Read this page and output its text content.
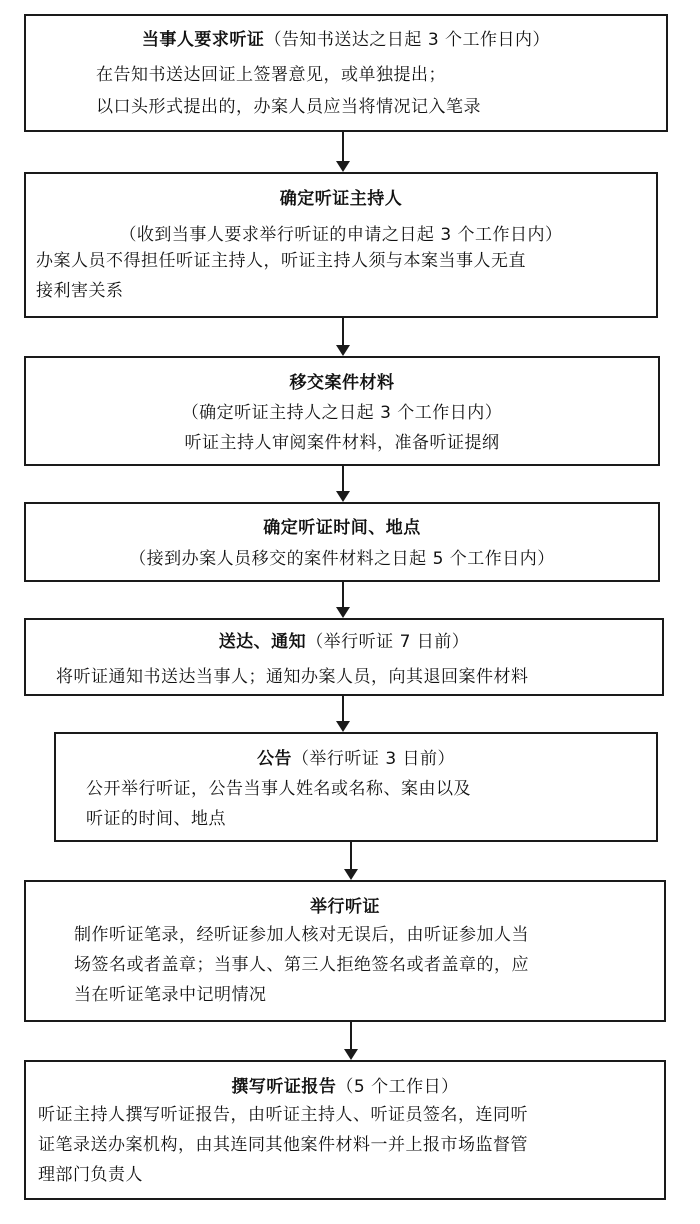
当事人要求听证（告知书送达之日起 3 个工作日内）
在告知书送达回证上签署意见，或单独提出；
以口头形式提出的，办案人员应当将情况记入笔录
确定听证主持人
（收到当事人要求举行听证的申请之日起 3 个工作日内）
办案人员不得担任听证主持人，听证主持人须与本案当事人无直
接利害关系
移交案件材料
（确定听证主持人之日起 3 个工作日内）
听证主持人审阅案件材料，准备听证提纲
确定听证时间、地点
（接到办案人员移交的案件材料之日起 5 个工作日内）
送达、通知（举行听证 7 日前）
将听证通知书送达当事人；通知办案人员，向其退回案件材料
公告（举行听证 3 日前）
公开举行听证，公告当事人姓名或名称、案由以及
听证的时间、地点
举行听证
制作听证笔录，经听证参加人核对无误后，由听证参加人当
场签名或者盖章；当事人、第三人拒绝签名或者盖章的，应
当在听证笔录中记明情况
撰写听证报告（5 个工作日）
听证主持人撰写听证报告，由听证主持人、听证员签名，连同听
证笔录送办案机构，由其连同其他案件材料一并上报市场监督管
理部门负责人
